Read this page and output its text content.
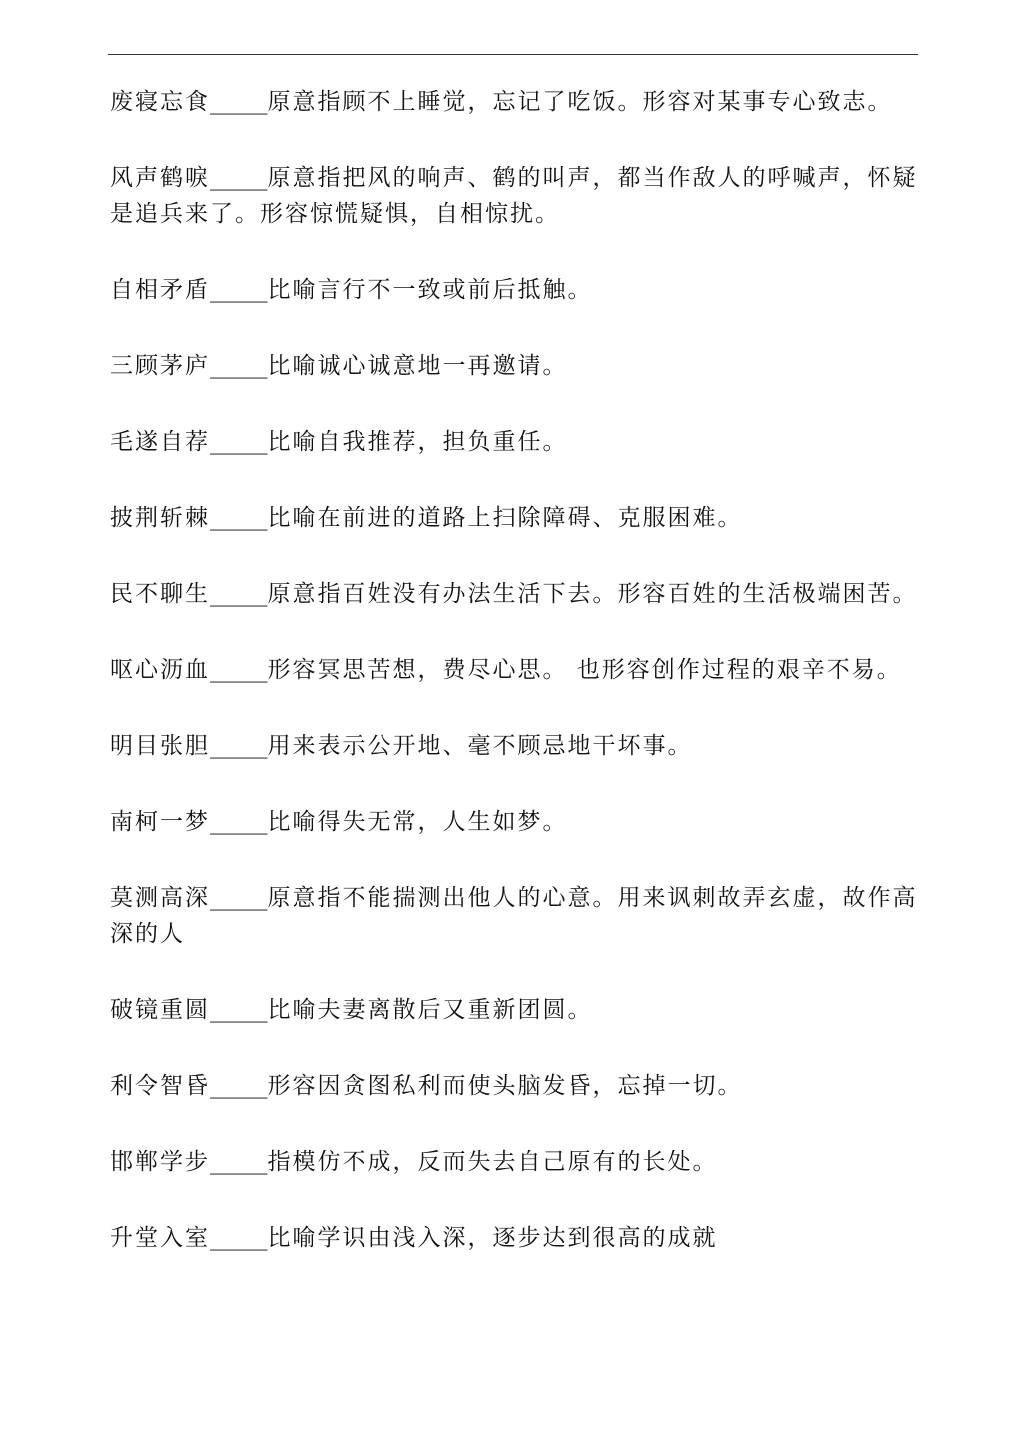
废寝忘食_____原意指顾不上睡觉，忘记了吃饭。形容对某事专心致志。

风声鹤唳_____原意指把风的响声、鹤的叫声，都当作敌人的呼喊声，怀疑是追兵来了。形容惊慌疑惧，自相惊扰。

自相矛盾_____比喻言行不一致或前后抵触。

三顾茅庐_____比喻诚心诚意地一再邀请。

毛遂自荐_____比喻自我推荐，担负重任。

披荆斩棘_____比喻在前进的道路上扫除障碍、克服困难。

民不聊生_____原意指百姓没有办法生活下去。形容百姓的生活极端困苦。

呕心沥血_____形容冥思苦想，费尽心思。 也形容创作过程的艰辛不易。

明目张胆_____用来表示公开地、毫不顾忌地干坏事。

南柯一梦_____比喻得失无常，人生如梦。

莫测高深_____原意指不能揣测出他人的心意。用来讽刺故弄玄虚，故作高深的人

破镜重圆_____比喻夫妻离散后又重新团圆。

利令智昏_____形容因贪图私利而使头脑发昏，忘掉一切。

邯郸学步_____指模仿不成，反而失去自己原有的长处。

升堂入室_____比喻学识由浅入深，逐步达到很高的成就
